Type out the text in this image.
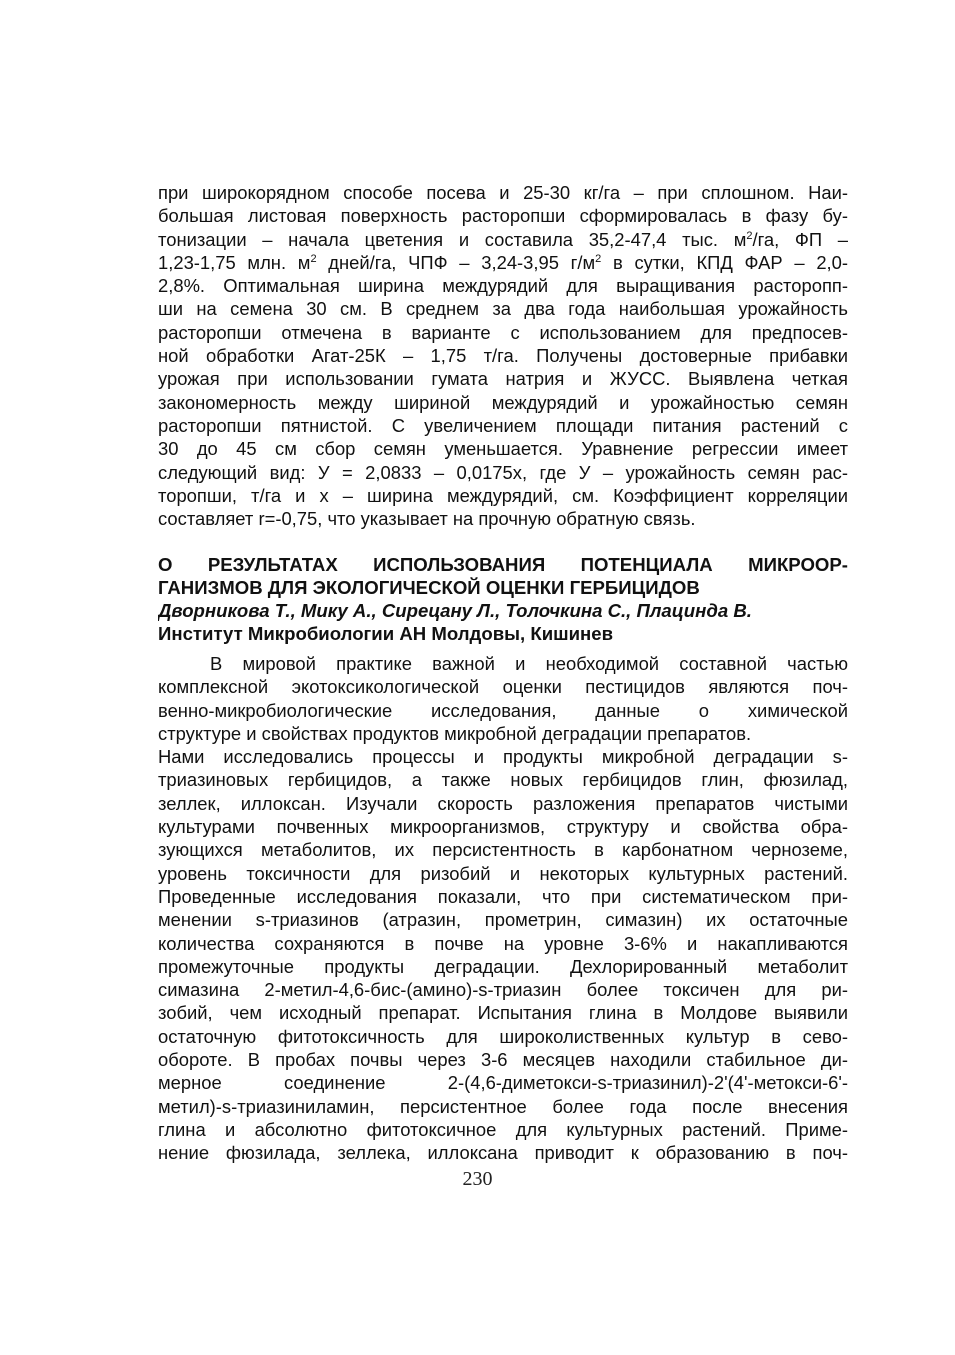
при широкорядном способе посева и 25-30 кг/га – при сплошном. Наи-
большая листовая поверхность расторопши сформировалась в фазу бу-
тонизации – начала цветения и составила 35,2-47,4 тыс. $м^2/га$, ФП –
1,23-1,75 млн. $м^2$ дней/га, ЧПФ – 3,24-3,95 $г/м^2$ в сутки, КПД ФАР – 2,0-
2,8%. Оптимальная ширина междурядий для выращивания расторопп-
ши на семена 30 см. В среднем за два года наибольшая урожайность
расторопши отмечена в варианте с использованием для предпосев-
ной обработки Агат-25К – 1,75 т/га. Получены достоверные прибавки
урожая при использовании гумата натрия и ЖУСС. Выявлена четкая
закономерность между шириной междурядий и урожайностью семян
расторопши пятнистой. С увеличением площади питания растений с
30 до 45 см сбор семян уменьшается. Уравнение регрессии имеет
следующий вид: У = 2,0833 – 0,0175х, где У – урожайность семян рас-
торопши, т/га и х – ширина междурядий, см. Коэффициент корреляции
составляет r=-0,75, что указывает на прочную обратную связь.
О РЕЗУЛЬТАТАХ ИСПОЛЬЗОВАНИЯ ПОТЕНЦИАЛА МИКРООР-
ГАНИЗМОВ ДЛЯ ЭКОЛОГИЧЕСКОЙ ОЦЕНКИ ГЕРБИЦИДОВ
Дворникова Т., Мику А., Сирецану Л., Толочкина С., Плацинда В.
Институт Микробиологии АН Молдовы, Кишинев
В мировой практике важной и необходимой составной частью
комплексной экотоксикологической оценки пестицидов являются поч-
венно-микробиологические исследования, данные о химической
структуре и свойствах продуктов микробной деградации препаратов.
Нами исследовались процессы и продукты микробной деградации s-
триазиновых гербицидов, а также новых гербицидов глин, фюзилад,
зеллек, иллоксан. Изучали скорость разложения препаратов чистыми
культурами почвенных микроорганизмов, структуру и свойства обра-
зующихся метаболитов, их персистентность в карбонатном черноземе,
уровень токсичности для ризобий и некоторых культурных растений.
Проведенные исследования показали, что при систематическом при-
менении s-триазинов (атразин, прометрин, симазин) их остаточные
количества сохраняются в почве на уровне 3-6% и накапливаются
промежуточные продукты деградации. Дехлорированный метаболит
симазина 2-метил-4,6-бис-(амино)-s-триазин более токсичен для ри-
зобий, чем исходный препарат. Испытания глина в Молдове выявили
остаточную фитотоксичность для широколиственных культур в сево-
обороте. В пробах почвы через 3-6 месяцев находили стабильное ди-
мерное соединение 2-(4,6-диметокси-s-триазинил)-2'(4'-метокси-6'-
метил)-s-триазиниламин, персистентное более года после внесения
глина и абсолютно фитотоксичное для культурных растений. Приме-
нение фюзилада, зеллека, иллоксана приводит к образованию в поч-
230
